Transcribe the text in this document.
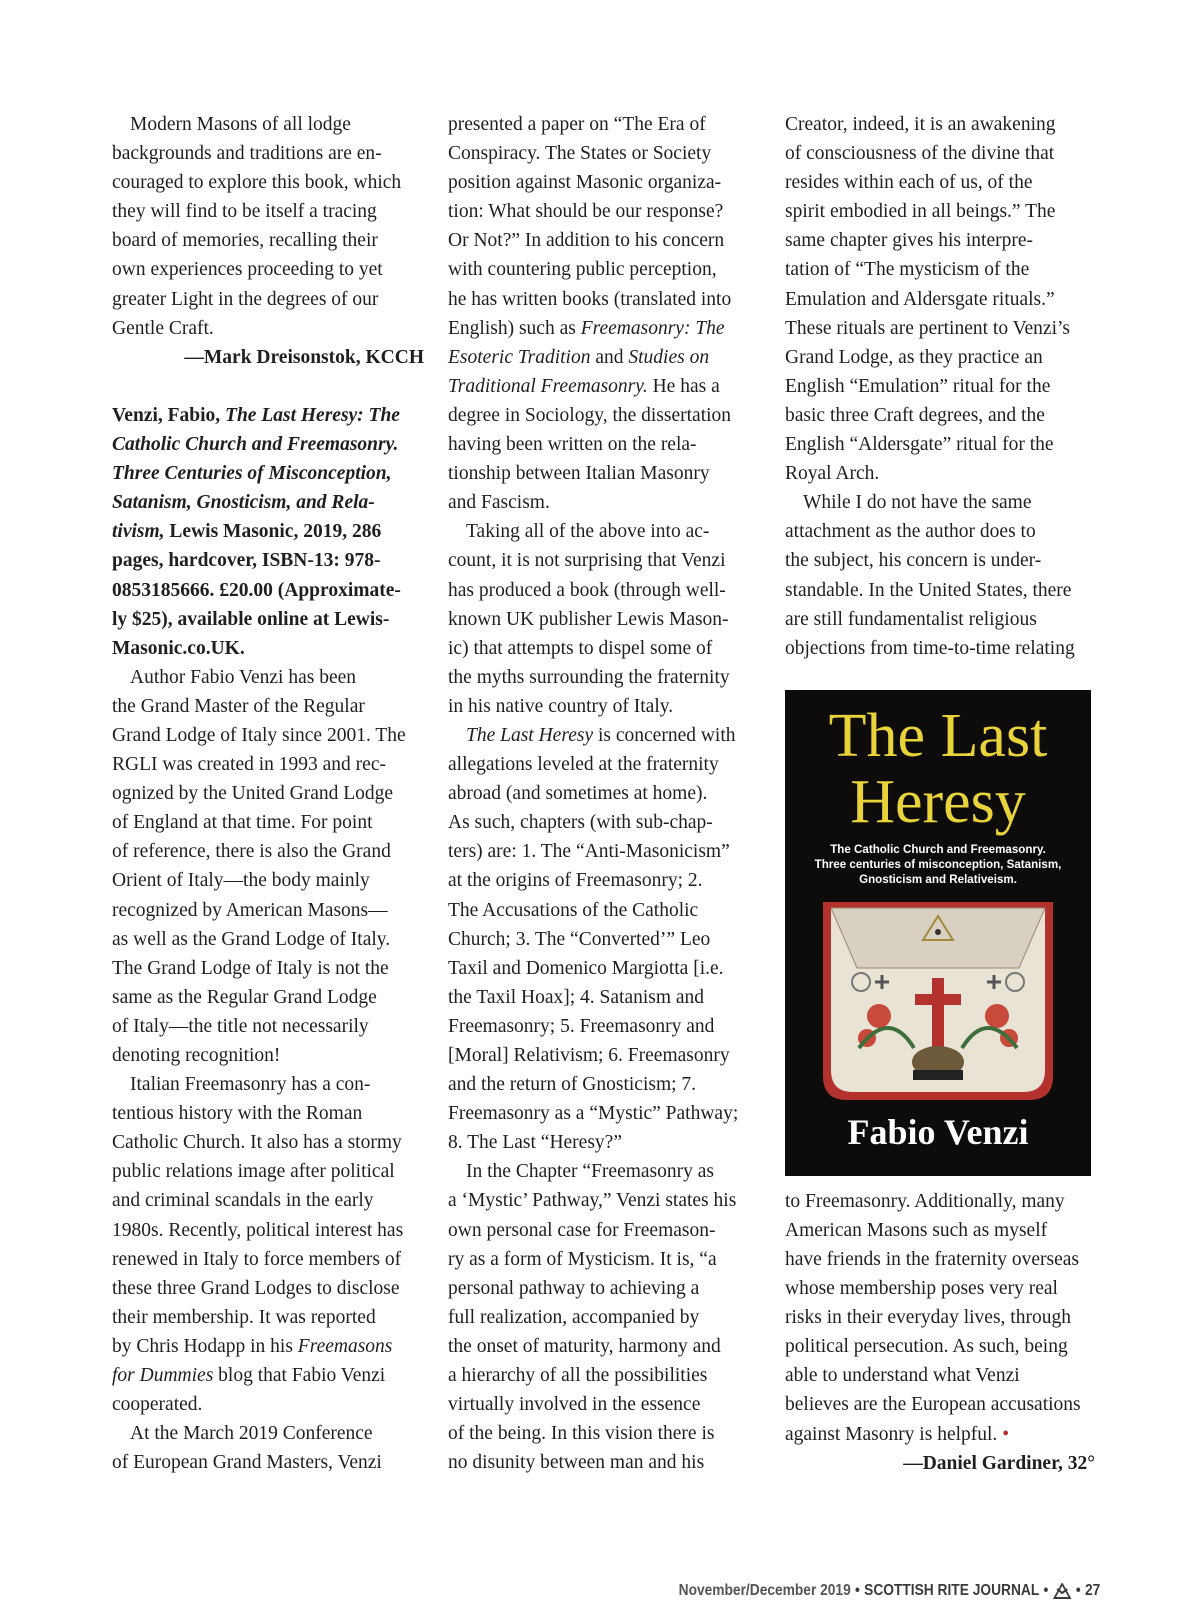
Modern Masons of all lodge
backgrounds and traditions are en-
couraged to explore this book, which
they will find to be itself a tracing
board of memories, recalling their
own experiences proceeding to yet
greater Light in the degrees of our
Gentle Craft.
—Mark Dreisonstok, KCCH
Venzi, Fabio, The Last Heresy: The
Catholic Church and Freemasonry.
Three Centuries of Misconception,
Satanism, Gnosticism, and Rela-
tivism, Lewis Masonic, 2019, 286
pages, hardcover, ISBN-13: 978-
0853185666. £20.00 (Approximate-
ly $25), available online at Lewis-
Masonic.co.UK.
Author Fabio Venzi has been
the Grand Master of the Regular
Grand Lodge of Italy since 2001. The
RGLI was created in 1993 and rec-
ognized by the United Grand Lodge
of England at that time. For point
of reference, there is also the Grand
Orient of Italy—the body mainly
recognized by American Masons—
as well as the Grand Lodge of Italy.
The Grand Lodge of Italy is not the
same as the Regular Grand Lodge
of Italy—the title not necessarily
denoting recognition!
Italian Freemasonry has a con-
tentious history with the Roman
Catholic Church. It also has a stormy
public relations image after political
and criminal scandals in the early
1980s. Recently, political interest has
renewed in Italy to force members of
these three Grand Lodges to disclose
their membership. It was reported
by Chris Hodapp in his Freemasons
for Dummies blog that Fabio Venzi
cooperated.
At the March 2019 Conference
of European Grand Masters, Venzi
presented a paper on “The Era of
Conspiracy. The States or Society
position against Masonic organiza-
tion: What should be our response?
Or Not?” In addition to his concern
with countering public perception,
he has written books (translated into
English) such as Freemasonry: The
Esoteric Tradition and Studies on
Traditional Freemasonry. He has a
degree in Sociology, the dissertation
having been written on the rela-
tionship between Italian Masonry
and Fascism.
Taking all of the above into ac-
count, it is not surprising that Venzi
has produced a book (through well-
known UK publisher Lewis Mason-
ic) that attempts to dispel some of
the myths surrounding the fraternity
in his native country of Italy.
The Last Heresy is concerned with
allegations leveled at the fraternity
abroad (and sometimes at home).
As such, chapters (with sub-chap-
ters) are: 1. The “Anti-Masonicism”
at the origins of Freemasonry; 2.
The Accusations of the Catholic
Church; 3. The “Converted’” Leo
Taxil and Domenico Margiotta [i.e.
the Taxil Hoax]; 4. Satanism and
Freemasonry; 5. Freemasonry and
[Moral] Relativism; 6. Freemasonry
and the return of Gnosticism; 7.
Freemasonry as a “Mystic” Pathway;
8. The Last “Heresy?”
In the Chapter “Freemasonry as
a ‘Mystic’ Pathway,” Venzi states his
own personal case for Freemason-
ry as a form of Mysticism. It is, “a
personal pathway to achieving a
full realization, accompanied by
the onset of maturity, harmony and
a hierarchy of all the possibilities
virtually involved in the essence
of the being. In this vision there is
no disunity between man and his
Creator, indeed, it is an awakening
of consciousness of the divine that
resides within each of us, of the
spirit embodied in all beings.” The
same chapter gives his interpre-
tation of “The mysticism of the
Emulation and Aldersgate rituals.”
These rituals are pertinent to Venzi’s
Grand Lodge, as they practice an
English “Emulation” ritual for the
basic three Craft degrees, and the
English “Aldersgate” ritual for the
Royal Arch.
While I do not have the same
attachment as the author does to
the subject, his concern is under-
standable. In the United States, there
are still fundamentalist religious
objections from time-to-time relating
to Freemasonry. Additionally, many
American Masons such as myself
have friends in the fraternity overseas
whose membership poses very real
risks in their everyday lives, through
political persecution. As such, being
able to understand what Venzi
believes are the European accusations
against Masonry is helpful. •
—Daniel Gardiner, 32°
The Last
Heresy
The Catholic Church and Freemasonry.
Three centuries of misconception, Satanism,
Gnosticism and Relativeism.
Fabio Venzi
November/December 2019 • SCOTTISH RITE JOURNAL • • 27
